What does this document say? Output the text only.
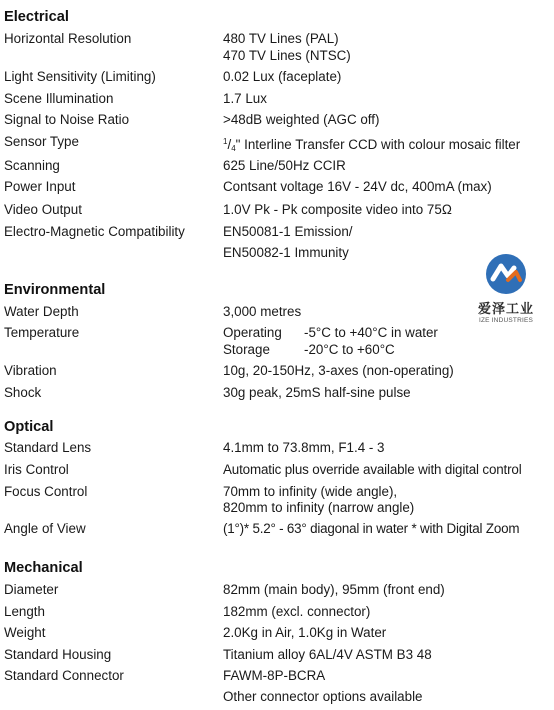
Electrical
Horizontal Resolution	480 TV Lines (PAL)
470 TV Lines (NTSC)
Light Sensitivity (Limiting)	0.02 Lux (faceplate)
Scene Illumination	1.7 Lux
Signal to Noise Ratio	>48dB weighted (AGC off)
Sensor Type	$^1/_4$" Interline Transfer CCD with colour mosaic filter
Scanning	625 Line/50Hz CCIR
Power Input	Contsant voltage 16V - 24V dc, 400mA (max)
Video Output	1.0V Pk - Pk composite video into 75Ω
Electro-Magnetic Compatibility	EN50081-1 Emission/
EN50082-1 Immunity
Environmental
Water Depth	3,000 metres
Temperature	Operating -5°C to +40°C in water
Storage	-20°C to +60°C
Vibration	10g, 20-150Hz, 3-axes (non-operating)
Shock	30g peak, 25mS half-sine pulse
Optical
Standard Lens	4.1mm to 73.8mm, F1.4 - 3
Iris Control	Automatic plus override available with digital control
Focus Control	70mm to infinity (wide angle),
820mm to infinity (narrow angle)
Angle of View	(1°)* 5.2° - 63° diagonal in water * with Digital Zoom
Mechanical
Diameter	82mm (main body), 95mm (front end)
Length	182mm (excl. connector)
Weight	2.0Kg in Air, 1.0Kg in Water
Standard Housing	Titanium alloy 6AL/4V ASTM B3 48
Standard Connector	FAWM-8P-BCRA
Other connector options available
爱泽工业
IZE INDUSTRIES
